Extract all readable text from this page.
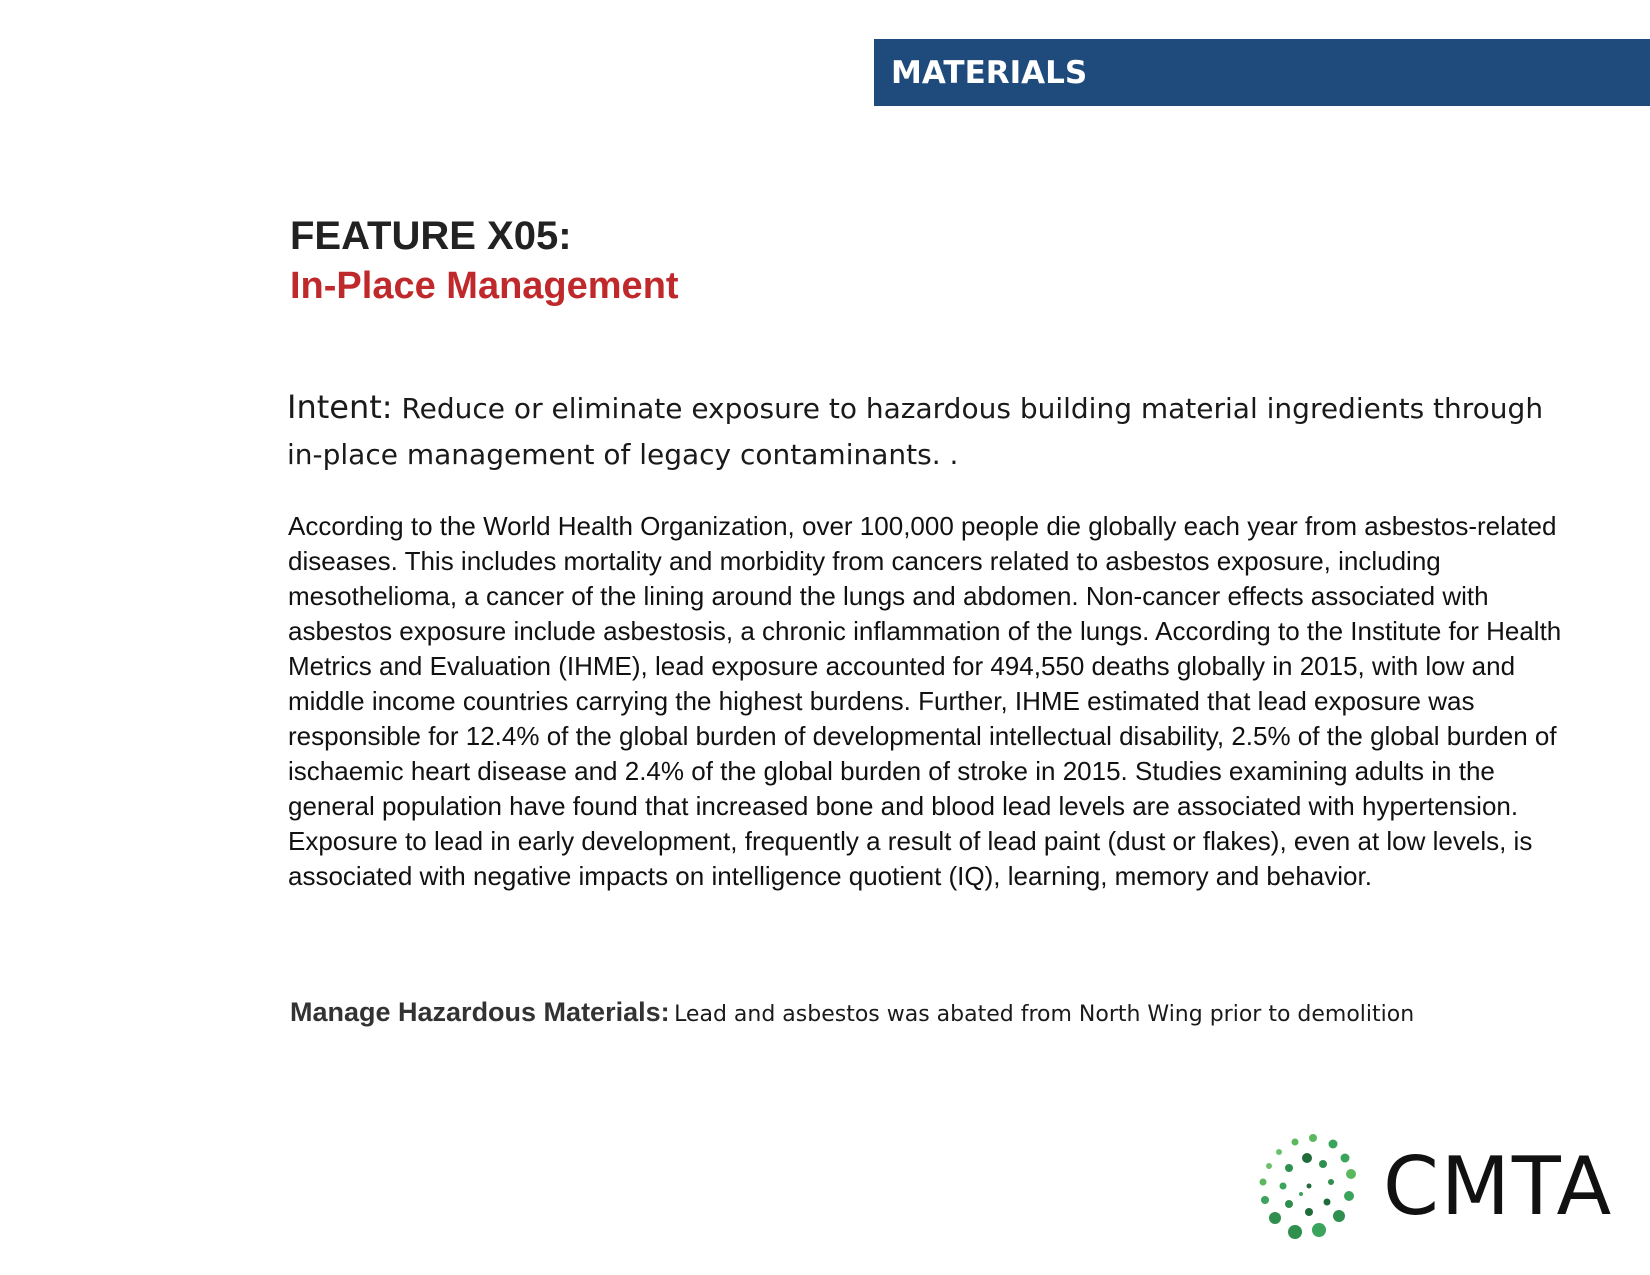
MATERIALS
FEATURE X05:
In-Place Management
Intent: Reduce or eliminate exposure to hazardous building material ingredients through in-place management of legacy contaminants. .
According to the World Health Organization, over 100,000 people die globally each year from asbestos-related diseases. This includes mortality and morbidity from cancers related to asbestos exposure, including mesothelioma, a cancer of the lining around the lungs and abdomen. Non-cancer effects associated with asbestos exposure include asbestosis, a chronic inflammation of the lungs. According to the Institute for Health Metrics and Evaluation (IHME), lead exposure accounted for 494,550 deaths globally in 2015, with low and middle income countries carrying the highest burdens. Further, IHME estimated that lead exposure was responsible for 12.4% of the global burden of developmental intellectual disability, 2.5% of the global burden of ischaemic heart disease and 2.4% of the global burden of stroke in 2015. Studies examining adults in the general population have found that increased bone and blood lead levels are associated with hypertension. Exposure to lead in early development, frequently a result of lead paint (dust or flakes), even at low levels, is associated with negative impacts on intelligence quotient (IQ), learning, memory and behavior.
Manage Hazardous Materials: Lead and asbestos was abated from North Wing prior to demolition
CMTA
